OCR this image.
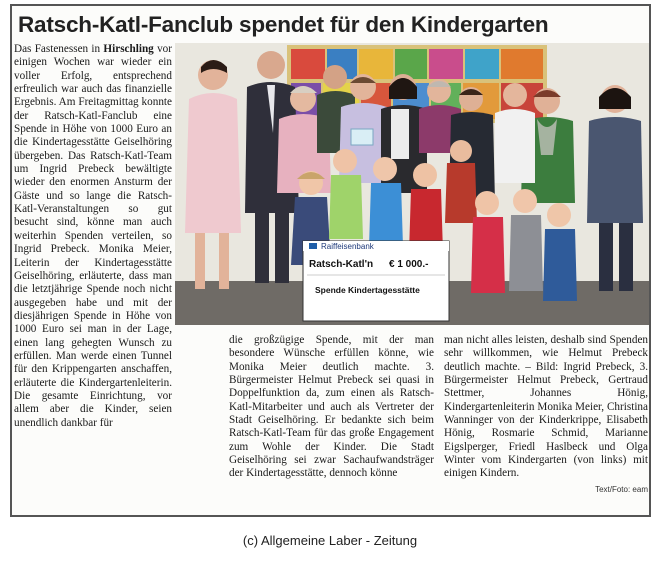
Ratsch-Katl-Fanclub spendet für den Kindergarten

Das Fastenessen in Hirschling vor einigen Wochen war wieder ein voller Erfolg, entsprechend erfreulich war auch das finanzielle Ergebnis. Am Freitagmittag konnte der Ratsch-Katl-Fanclub eine Spende in Höhe von 1000 Euro an die Kindertagesstätte Geiselhöring übergeben. Das Ratsch-Katl-Team um Ingrid Prebeck bewältigte wieder den enormen Ansturm der Gäste und so lange die Ratsch-Katl-Veranstaltungen so gut besucht sind, könne man auch weiterhin Spenden verteilen, so Ingrid Prebeck. Monika Meier, Leiterin der Kindertagesstätte Geiselhöring, erläuterte, dass man die letztjährige Spende noch nicht ausgegeben habe und mit der diesjährigen Spende in Höhe von 1000 Euro sei man in der Lage, einen lang gehegten Wunsch zu erfüllen. Man werde einen Tunnel für den Krippengarten anschaffen, erläuterte die Kindergartenleiterin. Die gesamte Einrichtung, vor allem aber die Kinder, seien unendlich dankbar für

Raiffeisenbank
Ratsch-Katl'n € 1 000.-
Spende Kindertagesstätte

die großzügige Spende, mit der man besondere Wünsche erfüllen könne, wie Monika Meier deutlich machte. 3. Bürgermeister Helmut Prebeck sei quasi in Doppelfunktion da, zum einen als Ratsch-Katl-Mitarbeiter und auch als Vertreter der Stadt Geiselhöring. Er bedankte sich beim Ratsch-Katl-Team für das große Engagement zum Wohle der Kinder. Die Stadt Geiselhöring sei zwar Sachaufwandsträger der Kindertagesstätte, dennoch könne

man nicht alles leisten, deshalb sind Spenden sehr willkommen, wie Helmut Prebeck deutlich machte. – Bild: Ingrid Prebeck, 3. Bürgermeister Helmut Prebeck, Gertraud Stettmer, Johannes Hönig, Kindergartenleiterin Monika Meier, Christina Wanninger von der Kinderkrippe, Elisabeth Hönig, Rosmarie Schmid, Marianne Eigslperger, Friedl Haslbeck und Olga Winter vom Kindergarten (von links) mit einigen Kindern.

Text/Foto: eam
(c) Allgemeine Laber - Zeitung
